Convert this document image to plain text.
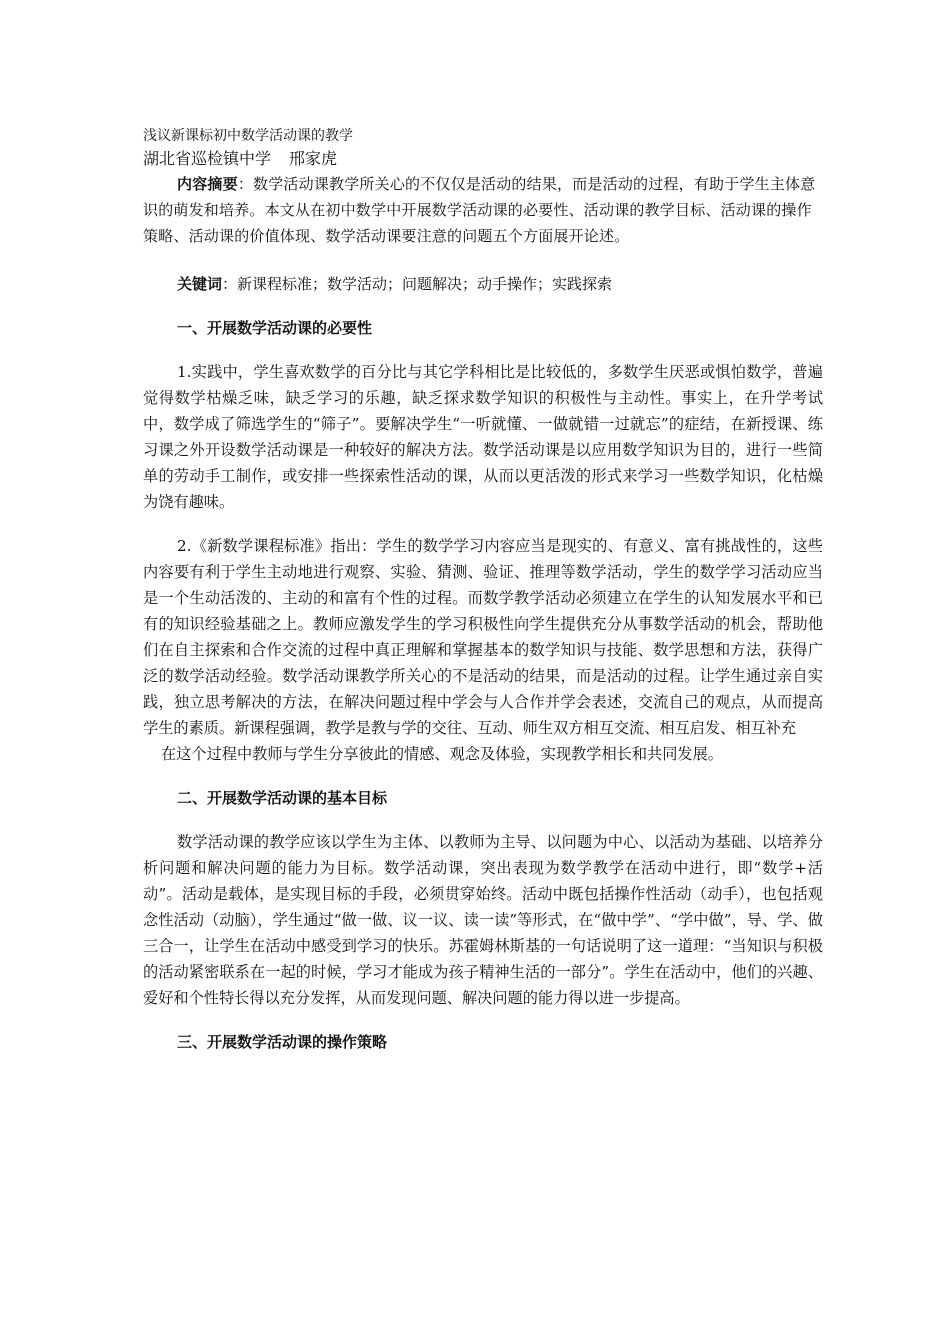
浅议新课标初中数学活动课的教学

湖北省巡检镇中学 邢家虎

内容摘要：数学活动课教学所关心的不仅仅是活动的结果，而是活动的过程，有助于学生主体意识的萌发和培养。本文从在初中数学中开展数学活动课的必要性、活动课的教学目标、活动课的操作策略、活动课的价值体现、数学活动课要注意的问题五个方面展开论述。

关键词：新课程标准；数学活动；问题解决；动手操作；实践探索

一、开展数学活动课的必要性

1.实践中，学生喜欢数学的百分比与其它学科相比是比较低的，多数学生厌恶或惧怕数学，普遍觉得数学枯燥乏味，缺乏学习的乐趣，缺乏探求数学知识的积极性与主动性。事实上，在升学考试中，数学成了筛选学生的“筛子”。要解决学生“一听就懂、一做就错一过就忘”的症结，在新授课、练习课之外开设数学活动课是一种较好的解决方法。数学活动课是以应用数学知识为目的，进行一些简单的劳动手工制作，或安排一些探索性活动的课，从而以更活泼的形式来学习一些数学知识，化枯燥为饶有趣味。

2.《新数学课程标准》指出：学生的数学学习内容应当是现实的、有意义、富有挑战性的，这些内容要有利于学生主动地进行观察、实验、猜测、验证、推理等数学活动，学生的数学学习活动应当是一个生动活泼的、主动的和富有个性的过程。而数学教学活动必须建立在学生的认知发展水平和已有的知识经验基础之上。教师应激发学生的学习积极性向学生提供充分从事数学活动的机会，帮助他们在自主探索和合作交流的过程中真正理解和掌握基本的数学知识与技能、数学思想和方法，获得广泛的数学活动经验。数学活动课教学所关心的不是活动的结果，而是活动的过程。让学生通过亲自实践，独立思考解决的方法，在解决问题过程中学会与人合作并学会表述，交流自己的观点，从而提高学生的素质。新课程强调，教学是教与学的交往、互动、师生双方相互交流、相互启发、相互补充
在这个过程中教师与学生分享彼此的情感、观念及体验，实现教学相长和共同发展。

二、开展数学活动课的基本目标

数学活动课的教学应该以学生为主体、以教师为主导、以问题为中心、以活动为基础、以培养分析问题和解决问题的能力为目标。数学活动课，突出表现为数学教学在活动中进行，即“数学+活动”。活动是载体，是实现目标的手段，必须贯穿始终。活动中既包括操作性活动（动手），也包括观念性活动（动脑），学生通过“做一做、议一议、读一读”等形式，在“做中学”、“学中做”，导、学、做三合一，让学生在活动中感受到学习的快乐。苏霍姆林斯基的一句话说明了这一道理：“当知识与积极的活动紧密联系在一起的时候，学习才能成为孩子精神生活的一部分”。学生在活动中，他们的兴趣、爱好和个性特长得以充分发挥，从而发现问题、解决问题的能力得以进一步提高。

三、开展数学活动课的操作策略
